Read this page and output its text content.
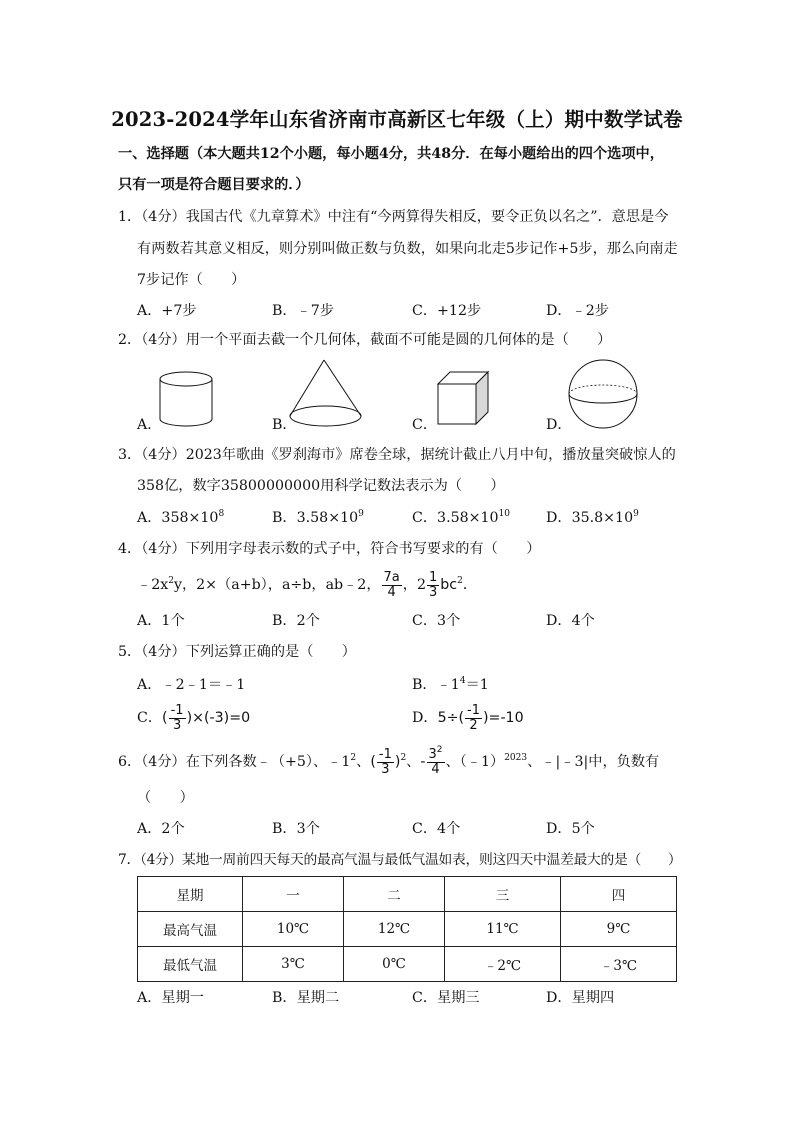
2023-2024学年山东省济南市高新区七年级（上）期中数学试卷
一、选择题（本大题共12个小题，每小题4分，共48分．在每小题给出的四个选项中，
只有一项是符合题目要求的．）
1．（4分）我国古代《九章算术》中注有“今两算得失相反，要令正负以名之”．意思是今
有两数若其意义相反，则分别叫做正数与负数，如果向北走5步记作+5步，那么向南走
7步记作（　　）
A．+7步	B．﹣7步	C．+12步	D．﹣2步
2．（4分）用一个平面去截一个几何体，截面不可能是圆的几何体的是（　　）
A．	B．	C．	D．
3．（4分）2023年歌曲《罗刹海市》席卷全球，据统计截止八月中旬，播放量突破惊人的
358亿，数字35800000000用科学记数法表示为（　　）
A．$358\times 10^8$	B．$3.58\times 10^9$	C．$3.58\times 10^{10}$	D．$35.8\times 10^9$
4．（4分）下列用字母表示数的式子中，符合书写要求的有（　　）
$﹣2x^2y$，2×（a+b），a÷b，ab﹣2， $\frac{7a}{4}$ ，$2 \frac{1}{3} bc^2$．
A．1个	B．2个	C．3个	D．4个
5．（4分）下列运算正确的是（　　）
A．﹣2﹣1＝﹣1	B．$﹣1^4=1$
C．( $\frac{-1}{3} )\times(-3)=0$	D．$5\div( \frac{-1}{2} )=-10$
6．（4分）在下列各数﹣（+5）、$﹣1^2$、( $\frac{-1}{3} )^2$、- $\frac{3^2}{4}$ 、（﹣1）$^{2023}$、﹣|﹣3|中，负数有
（　　）
A．2个	B．3个	C．4个	D．5个
7．（4分）某地一周前四天每天的最高气温与最低气温如表，则这四天中温差最大的是（　　）
星期	一	二	三	四
最高气温	10℃	12℃	11℃	9℃
最低气温	3℃	0℃	﹣2℃	﹣3℃
A．星期一	B．星期二	C．星期三	D．星期四
